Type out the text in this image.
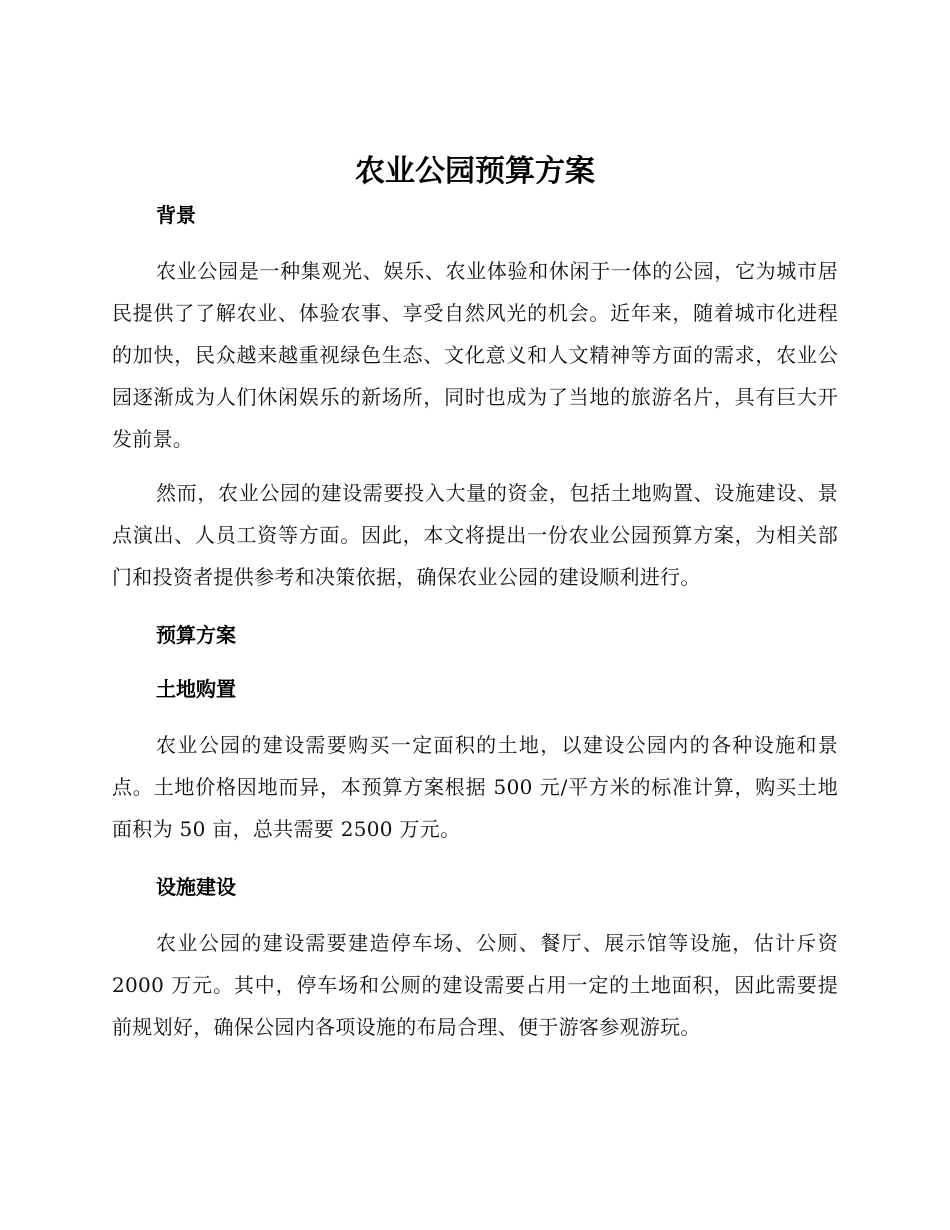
农业公园预算方案
背景

农业公园是一种集观光、娱乐、农业体验和休闲于一体的公园，它为城市居民提供了了解农业、体验农事、享受自然风光的机会。近年来，随着城市化进程的加快，民众越来越重视绿色生态、文化意义和人文精神等方面的需求，农业公园逐渐成为人们休闲娱乐的新场所，同时也成为了当地的旅游名片，具有巨大开发前景。

然而，农业公园的建设需要投入大量的资金，包括土地购置、设施建设、景点演出、人员工资等方面。因此，本文将提出一份农业公园预算方案，为相关部门和投资者提供参考和决策依据，确保农业公园的建设顺利进行。

预算方案
土地购置

农业公园的建设需要购买一定面积的土地，以建设公园内的各种设施和景点。土地价格因地而异，本预算方案根据 500 元/平方米的标准计算，购买土地面积为 50 亩，总共需要 2500 万元。

设施建设

农业公园的建设需要建造停车场、公厕、餐厅、展示馆等设施，估计斥资 2000 万元。其中，停车场和公厕的建设需要占用一定的土地面积，因此需要提前规划好，确保公园内各项设施的布局合理、便于游客参观游玩。
